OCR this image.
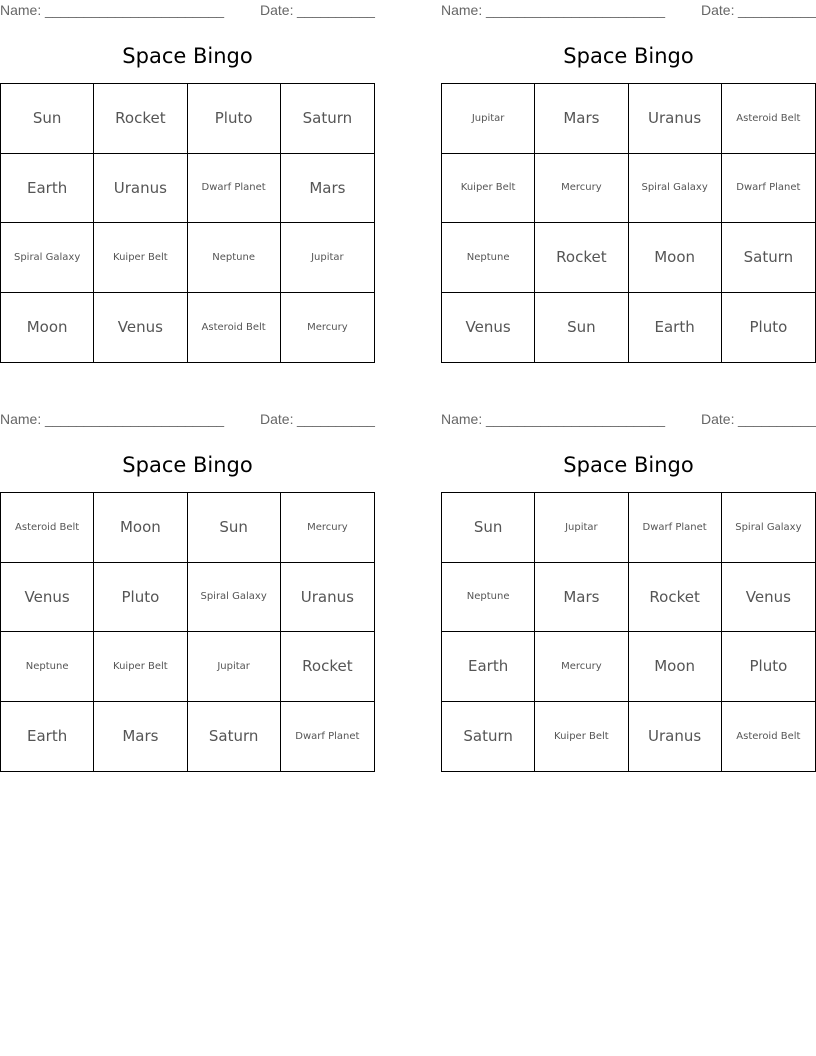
Name: _______________________	Date: __________
Space Bingo
Sun	Rocket	Pluto	Saturn
Earth	Uranus	Dwarf Planet	Mars
Spiral Galaxy	Kuiper Belt	Neptune	Jupitar
Moon	Venus	Asteroid Belt	Mercury
Name: _______________________	Date: __________
Space Bingo
Jupitar	Mars	Uranus	Asteroid Belt
Kuiper Belt	Mercury	Spiral Galaxy	Dwarf Planet
Neptune	Rocket	Moon	Saturn
Venus	Sun	Earth	Pluto
Name: _______________________	Date: __________
Space Bingo
Asteroid Belt	Moon	Sun	Mercury
Venus	Pluto	Spiral Galaxy	Uranus
Neptune	Kuiper Belt	Jupitar	Rocket
Earth	Mars	Saturn	Dwarf Planet
Name: _______________________	Date: __________
Space Bingo
Sun	Jupitar	Dwarf Planet	Spiral Galaxy
Neptune	Mars	Rocket	Venus
Earth	Mercury	Moon	Pluto
Saturn	Kuiper Belt	Uranus	Asteroid Belt
